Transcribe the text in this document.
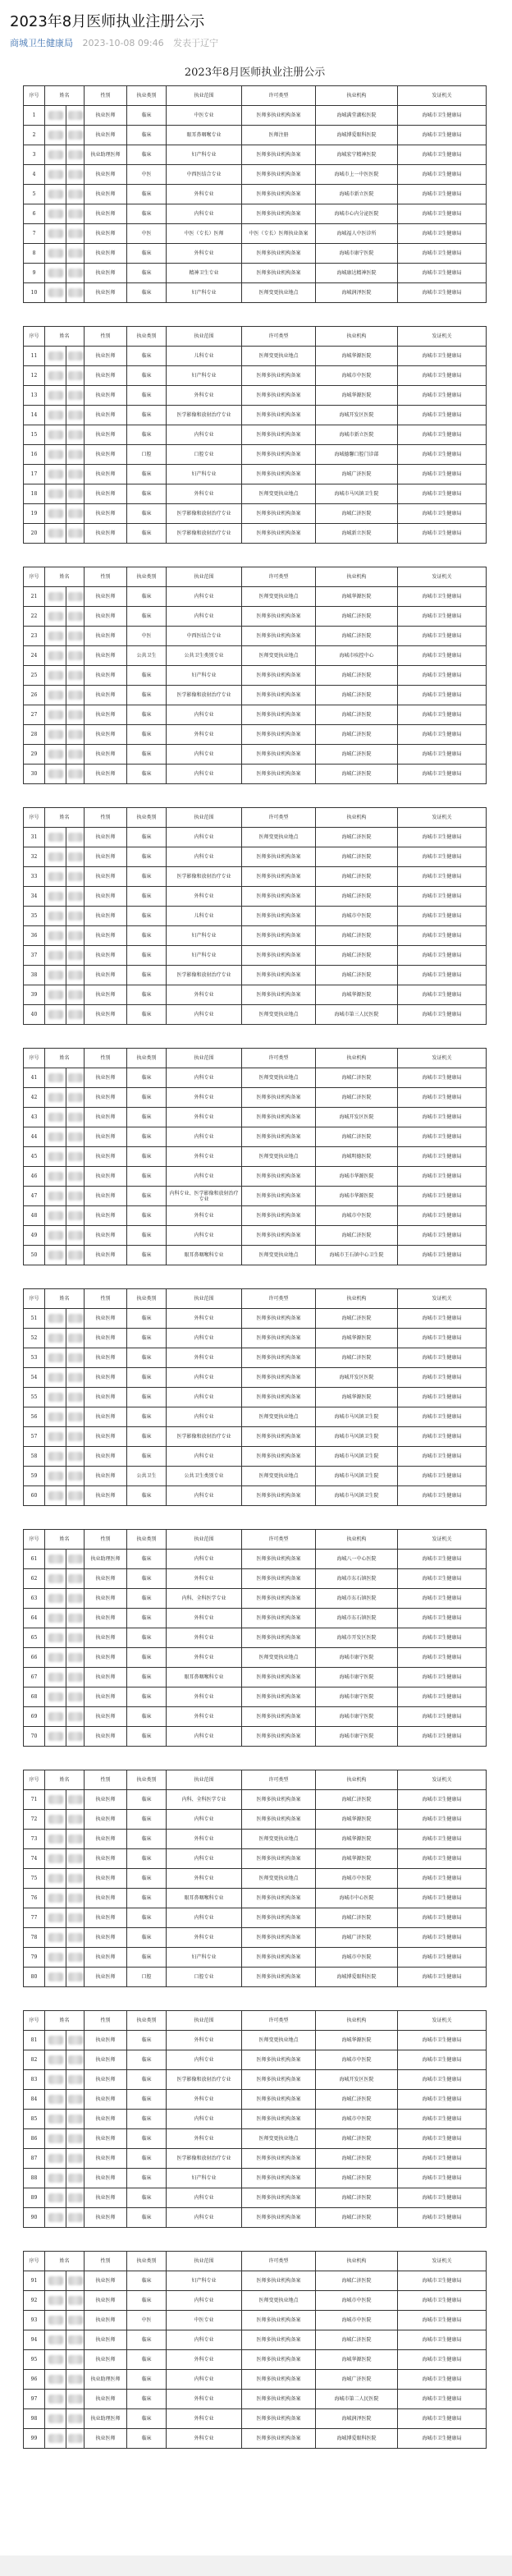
2023年8月医师执业注册公示
商城卫生健康局 2023-10-08 09:46 发表于辽宁
2023年8月医师执业注册公示								
序号	姓名		性别	执业类别	执业范围	许可类型	执业机构	发证机关
1			执业医师	临床	中医专业	医师多执业机构备案	海城满堂湖松医院	海城市卫生健康局
2			执业医师	临床	眼耳鼻咽喉专业	医师注册	海城博爱眼科医院	海城市卫生健康局
3			执业助理医师	临床	妇产科专业	医师多执业机构备案	海城宏宁精神医院	海城市卫生健康局
4			执业医师	中医	中西医结合专业	医师多执业机构备案	海城市上一中医医院	海城市卫生健康局
5			执业医师	临床	外科专业	医师多执业机构备案	海城市新立医院	海城市卫生健康局
6			执业医师	临床	内科专业	医师多执业机构备案	海城市心内分泌医院	海城市卫生健康局
7			执业医师	中医	中医（专长）医师	中医（专长）医师执业备案	海城福人中医诊所	海城市卫生健康局
8			执业医师	临床	外科专业	医师多执业机构备案	海城市康宁医院	海城市卫生健康局
9			执业医师	临床	精神卫生专业	医师多执业机构备案	海城康达精神医院	海城市卫生健康局
10			执业医师	临床	妇产科专业	医师变更执业地点	海城润泽医院	海城市卫生健康局

序号	姓名		性别	执业类别	执业范围	许可类型	执业机构	发证机关
11			执业医师	临床	儿科专业	医师变更执业地点	海城华源医院	海城市卫生健康局
12			执业医师	临床	妇产科专业	医师多执业机构备案	海城市中医院	海城市卫生健康局
13			执业医师	临床	外科专业	医师多执业机构备案	海城华源医院	海城市卫生健康局
14			执业医师	临床	医学影像和放射治疗专业	医师多执业机构备案	海城开发区医院	海城市卫生健康局
15			执业医师	临床	内科专业	医师多执业机构备案	海城市新立医院	海城市卫生健康局
16			执业医师	口腔	口腔专业	医师多执业机构备案	海城德馨口腔门诊部	海城市卫生健康局
17			执业医师	临床	妇产科专业	医师多执业机构备案	海城广济医院	海城市卫生健康局
18			执业医师	临床	外科专业	医师变更执业地点	海城市马风镇卫生院	海城市卫生健康局
19			执业医师	临床	医学影像和放射治疗专业	医师多执业机构备案	海城仁济医院	海城市卫生健康局
20			执业医师	临床	医学影像和放射治疗专业	医师多执业机构备案	海城新立医院	海城市卫生健康局

序号	姓名		性别	执业类别	执业范围	许可类型	执业机构	发证机关
21			执业医师	临床	内科专业	医师变更执业地点	海城华源医院	海城市卫生健康局
22			执业医师	临床	内科专业	医师多执业机构备案	海城仁济医院	海城市卫生健康局
23			执业医师	中医	中西医结合专业	医师多执业机构备案	海城仁济医院	海城市卫生健康局
24			执业医师	公共卫生	公共卫生类别专业	医师变更执业地点	海城市疾控中心	海城市卫生健康局
25			执业医师	临床	妇产科专业	医师多执业机构备案	海城仁济医院	海城市卫生健康局
26			执业医师	临床	医学影像和放射治疗专业	医师多执业机构备案	海城仁济医院	海城市卫生健康局
27			执业医师	临床	内科专业	医师多执业机构备案	海城仁济医院	海城市卫生健康局
28			执业医师	临床	外科专业	医师多执业机构备案	海城仁济医院	海城市卫生健康局
29			执业医师	临床	内科专业	医师多执业机构备案	海城仁济医院	海城市卫生健康局
30			执业医师	临床	内科专业	医师多执业机构备案	海城仁济医院	海城市卫生健康局

序号	姓名		性别	执业类别	执业范围	许可类型	执业机构	发证机关
31			执业医师	临床	内科专业	医师变更执业地点	海城仁济医院	海城市卫生健康局
32			执业医师	临床	内科专业	医师多执业机构备案	海城仁济医院	海城市卫生健康局
33			执业医师	临床	医学影像和放射治疗专业	医师多执业机构备案	海城仁济医院	海城市卫生健康局
34			执业医师	临床	外科专业	医师多执业机构备案	海城仁济医院	海城市卫生健康局
35			执业医师	临床	儿科专业	医师多执业机构备案	海城市中医院	海城市卫生健康局
36			执业医师	临床	妇产科专业	医师多执业机构备案	海城仁济医院	海城市卫生健康局
37			执业医师	临床	妇产科专业	医师多执业机构备案	海城仁济医院	海城市卫生健康局
38			执业医师	临床	医学影像和放射治疗专业	医师多执业机构备案	海城仁济医院	海城市卫生健康局
39			执业医师	临床	外科专业	医师多执业机构备案	海城华源医院	海城市卫生健康局
40			执业医师	临床	内科专业	医师变更执业地点	海城市第三人民医院	海城市卫生健康局

序号	姓名		性别	执业类别	执业范围	许可类型	执业机构	发证机关
41			执业医师	临床	内科专业	医师变更执业地点	海城仁济医院	海城市卫生健康局
42			执业医师	临床	外科专业	医师多执业机构备案	海城仁济医院	海城市卫生健康局
43			执业医师	临床	外科专业	医师多执业机构备案	海城开发区医院	海城市卫生健康局
44			执业医师	临床	内科专业	医师多执业机构备案	海城仁济医院	海城市卫生健康局
45			执业医师	临床	外科专业	医师变更执业地点	海城明德医院	海城市卫生健康局
46			执业医师	临床	内科专业	医师多执业机构备案	海城市华源医院	海城市卫生健康局
47			执业医师	临床	内科专业、医学影像和放射治疗专业	医师多执业机构备案	海城市华源医院	海城市卫生健康局
48			执业医师	临床	外科专业	医师多执业机构备案	海城市中医院	海城市卫生健康局
49			执业医师	临床	内科专业	医师多执业机构备案	海城仁济医院	海城市卫生健康局
50			执业医师	临床	眼耳鼻咽喉科专业	医师变更执业地点	海城市王石镇中心卫生院	海城市卫生健康局

序号	姓名		性别	执业类别	执业范围	许可类型	执业机构	发证机关
51			执业医师	临床	外科专业	医师多执业机构备案	海城仁济医院	海城市卫生健康局
52			执业医师	临床	内科专业	医师多执业机构备案	海城华源医院	海城市卫生健康局
53			执业医师	临床	外科专业	医师多执业机构备案	海城仁济医院	海城市卫生健康局
54			执业医师	临床	内科专业	医师多执业机构备案	海城开发区医院	海城市卫生健康局
55			执业医师	临床	内科专业	医师多执业机构备案	海城华源医院	海城市卫生健康局
56			执业医师	临床	内科专业	医师变更执业地点	海城市马风镇卫生院	海城市卫生健康局
57			执业医师	临床	医学影像和放射治疗专业	医师多执业机构备案	海城市马风镇卫生院	海城市卫生健康局
58			执业医师	临床	内科专业	医师多执业机构备案	海城市马风镇卫生院	海城市卫生健康局
59			执业医师	公共卫生	公共卫生类别专业	医师变更执业地点	海城市马风镇卫生院	海城市卫生健康局
60			执业医师	临床	内科专业	医师多执业机构备案	海城市马风镇卫生院	海城市卫生健康局

序号	姓名		性别	执业类别	执业范围	许可类型	执业机构	发证机关
61			执业助理医师	临床	内科专业	医师多执业机构备案	海城八一中心医院	海城市卫生健康局
62			执业医师	临床	外科专业	医师多执业机构备案	海城市东石镇医院	海城市卫生健康局
63			执业医师	临床	内科、全科医学专业	医师多执业机构备案	海城市东石镇医院	海城市卫生健康局
64			执业医师	临床	外科专业	医师多执业机构备案	海城市东石镇医院	海城市卫生健康局
65			执业医师	临床	外科专业	医师多执业机构备案	海城市开发区医院	海城市卫生健康局
66			执业医师	临床	外科专业	医师变更执业地点	海城市康宁医院	海城市卫生健康局
67			执业医师	临床	眼耳鼻咽喉科专业	医师多执业机构备案	海城市康宁医院	海城市卫生健康局
68			执业医师	临床	外科专业	医师多执业机构备案	海城市康宁医院	海城市卫生健康局
69			执业医师	临床	外科专业	医师多执业机构备案	海城市康宁医院	海城市卫生健康局
70			执业医师	临床	内科专业	医师多执业机构备案	海城市康宁医院	海城市卫生健康局

序号	姓名		性别	执业类别	执业范围	许可类型	执业机构	发证机关
71			执业医师	临床	内科、全科医学专业	医师多执业机构备案	海城仁济医院	海城市卫生健康局
72			执业医师	临床	内科专业	医师多执业机构备案	海城华源医院	海城市卫生健康局
73			执业医师	临床	外科专业	医师变更执业地点	海城华源医院	海城市卫生健康局
74			执业医师	临床	内科专业	医师多执业机构备案	海城华源医院	海城市卫生健康局
75			执业医师	临床	外科专业	医师变更执业地点	海城市中医院	海城市卫生健康局
76			执业医师	临床	眼耳鼻咽喉科专业	医师多执业机构备案	海城市中心医院	海城市卫生健康局
77			执业医师	临床	内科专业	医师多执业机构备案	海城仁济医院	海城市卫生健康局
78			执业医师	临床	外科专业	医师多执业机构备案	海城广济医院	海城市卫生健康局
79			执业医师	临床	妇产科专业	医师多执业机构备案	海城市中医院	海城市卫生健康局
80			执业医师	口腔	口腔专业	医师多执业机构备案	海城博爱眼科医院	海城市卫生健康局

序号	姓名		性别	执业类别	执业范围	许可类型	执业机构	发证机关
81			执业医师	临床	外科专业	医师变更执业地点	海城华源医院	海城市卫生健康局
82			执业医师	临床	内科专业	医师多执业机构备案	海城市中医院	海城市卫生健康局
83			执业医师	临床	医学影像和放射治疗专业	医师多执业机构备案	海城开发区医院	海城市卫生健康局
84			执业医师	临床	外科专业	医师多执业机构备案	海城仁济医院	海城市卫生健康局
85			执业医师	临床	内科专业	医师多执业机构备案	海城市中医院	海城市卫生健康局
86			执业医师	临床	外科专业	医师变更执业地点	海城仁济医院	海城市卫生健康局
87			执业医师	临床	医学影像和放射治疗专业	医师多执业机构备案	海城仁济医院	海城市卫生健康局
88			执业医师	临床	妇产科专业	医师多执业机构备案	海城仁济医院	海城市卫生健康局
89			执业医师	临床	内科专业	医师多执业机构备案	海城仁济医院	海城市卫生健康局
90			执业医师	临床	内科专业	医师多执业机构备案	海城仁济医院	海城市卫生健康局

序号	姓名		性别	执业类别	执业范围	许可类型	执业机构	发证机关
91			执业医师	临床	妇产科专业	医师多执业机构备案	海城仁济医院	海城市卫生健康局
92			执业医师	临床	内科专业	医师变更执业地点	海城市中医院	海城市卫生健康局
93			执业医师	中医	中医专业	医师多执业机构备案	海城市中医院	海城市卫生健康局
94			执业医师	临床	内科专业	医师多执业机构备案	海城仁济医院	海城市卫生健康局
95			执业医师	临床	外科专业	医师多执业机构备案	海城华源医院	海城市卫生健康局
96			执业助理医师	临床	内科专业	医师多执业机构备案	海城广济医院	海城市卫生健康局
97			执业医师	临床	外科专业	医师多执业机构备案	海城市第二人民医院	海城市卫生健康局
98			执业助理医师	临床	外科专业	医师多执业机构备案	海城润泽医院	海城市卫生健康局
99			执业医师	临床	外科专业	医师多执业机构备案	海城博爱眼科医院	海城市卫生健康局
